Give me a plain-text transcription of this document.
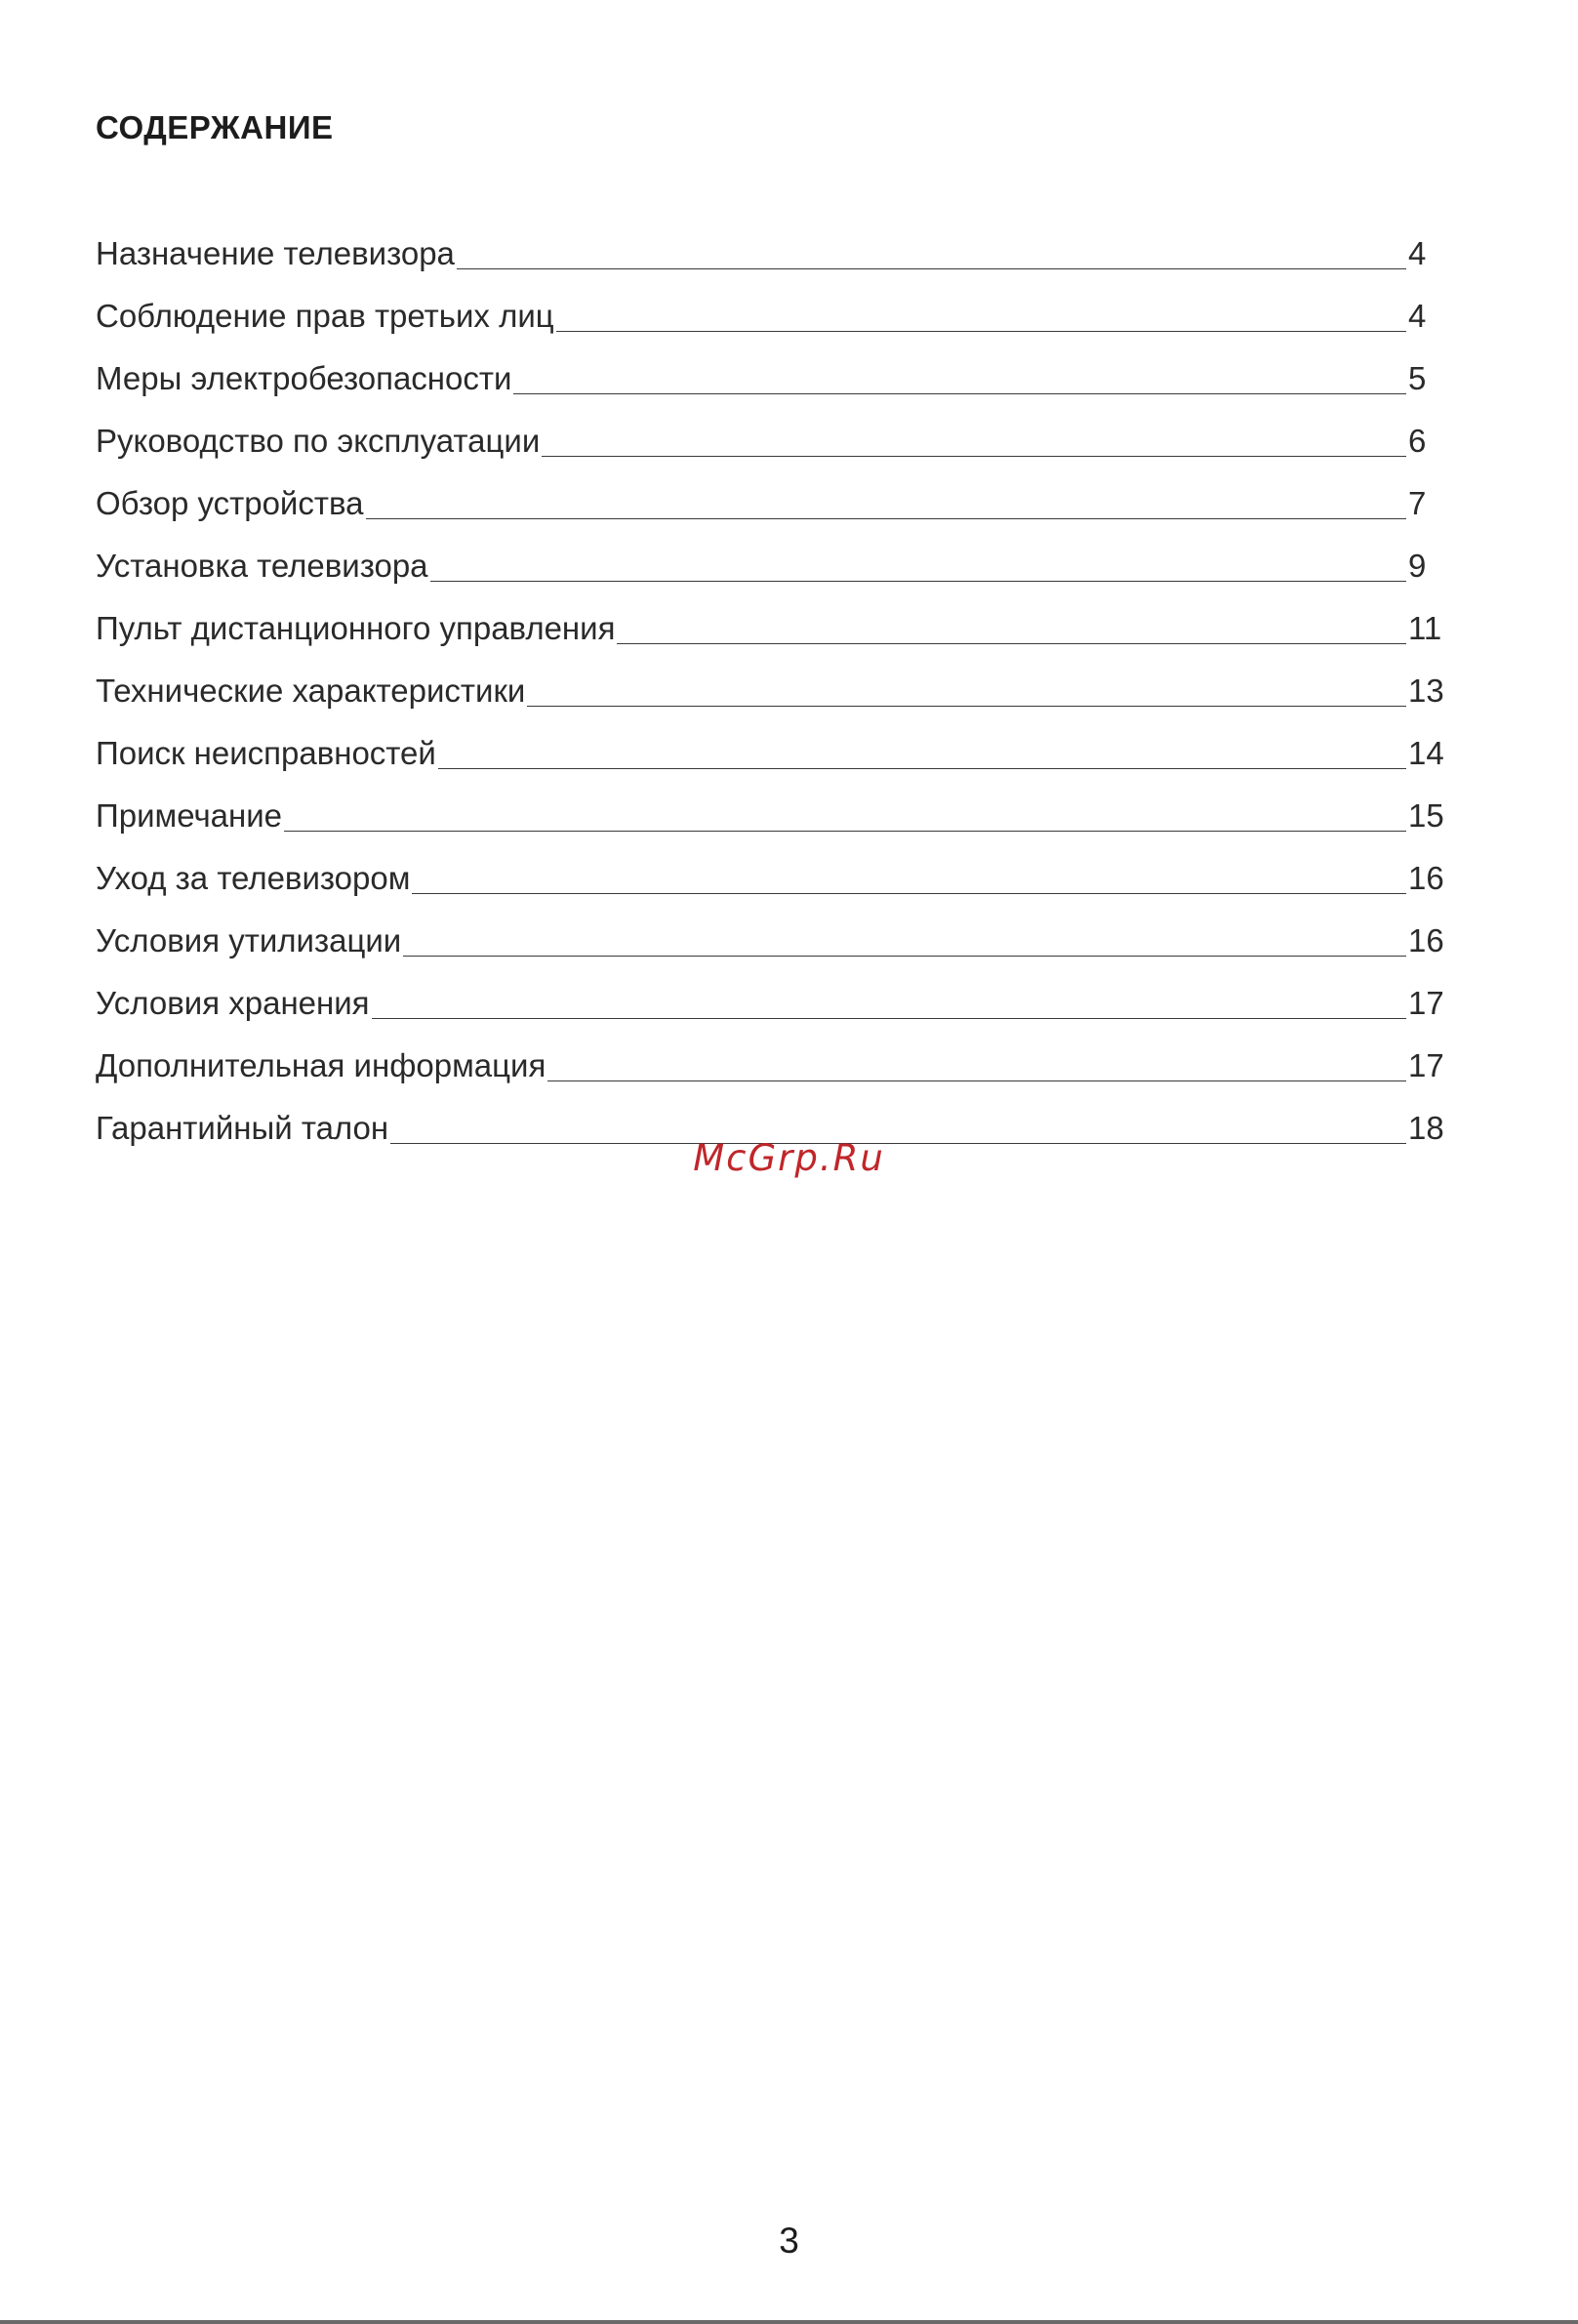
СОДЕРЖАНИЕ
Назначение телевизора	4
Соблюдение прав третьих лиц	4
Меры электробезопасности	5
Руководство по эксплуатации	6
Обзор устройства	7
Установка телевизора	9
Пульт дистанционного управления	11
Технические характеристики	13
Поиск неисправностей	14
Примечание	15
Уход за телевизором	16
Условия утилизации	16
Условия хранения	17
Дополнительная информация	17
Гарантийный талон	18
McGrp.Ru
3
